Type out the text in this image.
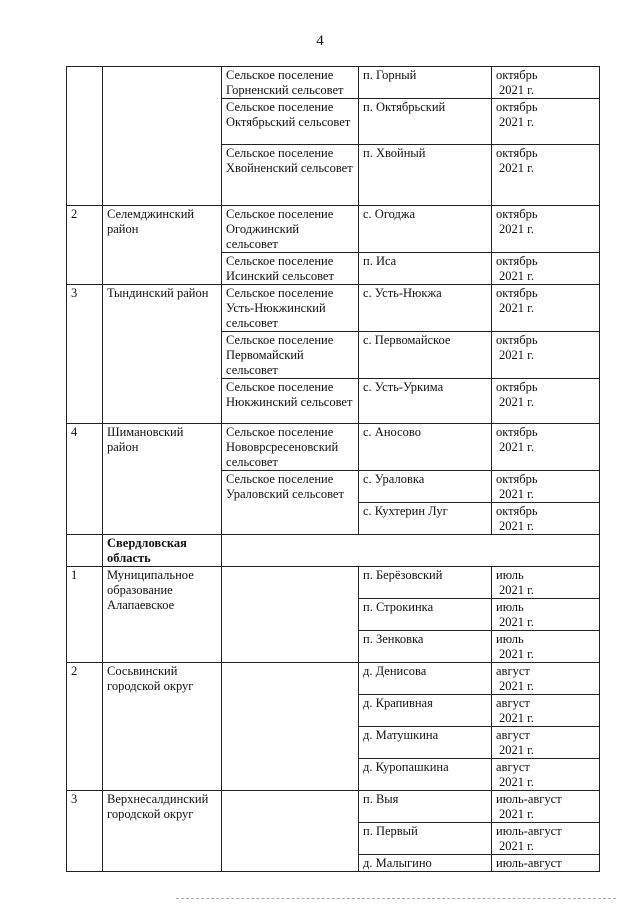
4
		Сельское поселение Горненский сельсовет	п. Горный	октябрь
2021 г.

		Сельское поселение Октябрьский сельсовет	п. Октябрьский	октябрь
2021 г.

		Сельское поселение Хвойненский сельсовет	п. Хвойный	октябрь
2021 г.

2	Селемджинский район	Сельское поселение Огоджинский сельсовет	с. Огоджа	октябрь
2021 г.

		Сельское поселение Исинский сельсовет	п. Иса	октябрь
2021 г.

3	Тындинский район	Сельское поселение Усть-Нюкжинский сельсовет	с. Усть-Нюкжа	октябрь
2021 г.

		Сельское поселение Первомайский сельсовет	с. Первомайское	октябрь
2021 г.

		Сельское поселение Нюкжинский сельсовет	с. Усть-Уркима	октябрь
2021 г.

4	Шимановский район	Сельское поселение Нововрсресеновский сельсовет	с. Аносово	октябрь
2021 г.

		Сельское поселение Ураловский сельсовет	с. Ураловка	октябрь
2021 г.

			с. Кухтерин Луг	октябрь
2021 г.

	Свердловская область			
1	Муниципальное образование Алапаевское		п. Берёзовский	июль
2021 г.

			п. Строкинка	июль
2021 г.

			п. Зенковка	июль
2021 г.

2	Сосьвинский городской округ		д. Денисова	август
2021 г.

			д. Крапивная	август
2021 г.

			д. Матушкина	август
2021 г.

			д. Куропашкина	август
2021 г.

3	Верхнесалдинский городской округ		п. Выя	июль-август
2021 г.

			п. Первый	июль-август
2021 г.

			д. Малыгино	июль-август
